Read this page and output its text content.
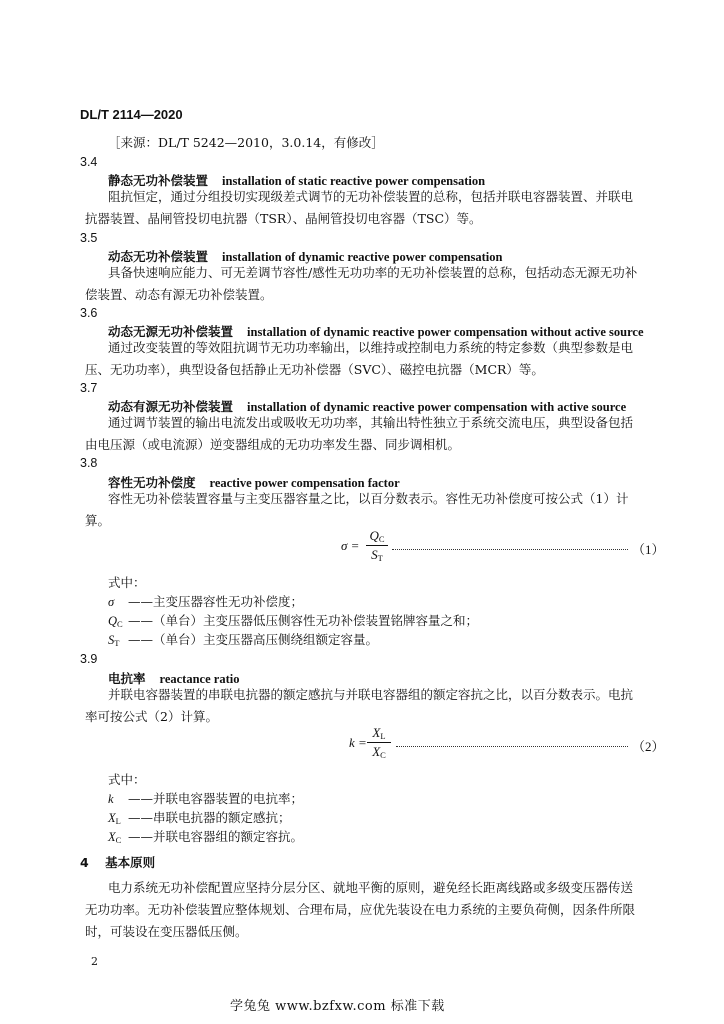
DL/T 2114—2020
［来源：DL/T 5242—2010，3.0.14，有修改］
3.4
静态无功补偿装置 installation of static reactive power compensation
阻抗恒定，通过分组投切实现级差式调节的无功补偿装置的总称，包括并联电容器装置、并联电抗器装置、晶闸管投切电抗器（TSR）、晶闸管投切电容器（TSC）等。
3.5
动态无功补偿装置 installation of dynamic reactive power compensation
具备快速响应能力、可无差调节容性/感性无功功率的无功补偿装置的总称，包括动态无源无功补偿装置、动态有源无功补偿装置。
3.6
动态无源无功补偿装置 installation of dynamic reactive power compensation without active source
通过改变装置的等效阻抗调节无功功率输出，以维持或控制电力系统的特定参数（典型参数是电压、无功功率），典型设备包括静止无功补偿器（SVC）、磁控电抗器（MCR）等。
3.7
动态有源无功补偿装置 installation of dynamic reactive power compensation with active source
通过调节装置的输出电流发出或吸收无功功率，其输出特性独立于系统交流电压，典型设备包括由电压源（或电流源）逆变器组成的无功功率发生器、同步调相机。
3.8
容性无功补偿度 reactive power compensation factor
容性无功补偿装置容量与主变压器容量之比，以百分数表示。容性无功补偿度可按公式（1）计算。
σ =
$Q_C$
$S_T$
（1）
式中：
σ ——主变压器容性无功补偿度；
$Q_C$ ——（单台）主变压器低压侧容性无功补偿装置铭牌容量之和；
$S_T$ ——（单台）主变压器高压侧绕组额定容量。
3.9
电抗率 reactance ratio
并联电容器装置的串联电抗器的额定感抗与并联电容器组的额定容抗之比，以百分数表示。电抗率可按公式（2）计算。
k =
$X_L$
$X_C$
（2）
式中：
k ——并联电容器装置的电抗率；
$X_L$ ——串联电抗器的额定感抗；
$X_C$ ——并联电容器组的额定容抗。
4 基本原则
电力系统无功补偿配置应坚持分层分区、就地平衡的原则，避免经长距离线路或多级变压器传送无功功率。无功补偿装置应整体规划、合理布局，应优先装设在电力系统的主要负荷侧，因条件所限时，可装设在变压器低压侧。
2
学兔兔 www.bzfxw.com 标准下载
